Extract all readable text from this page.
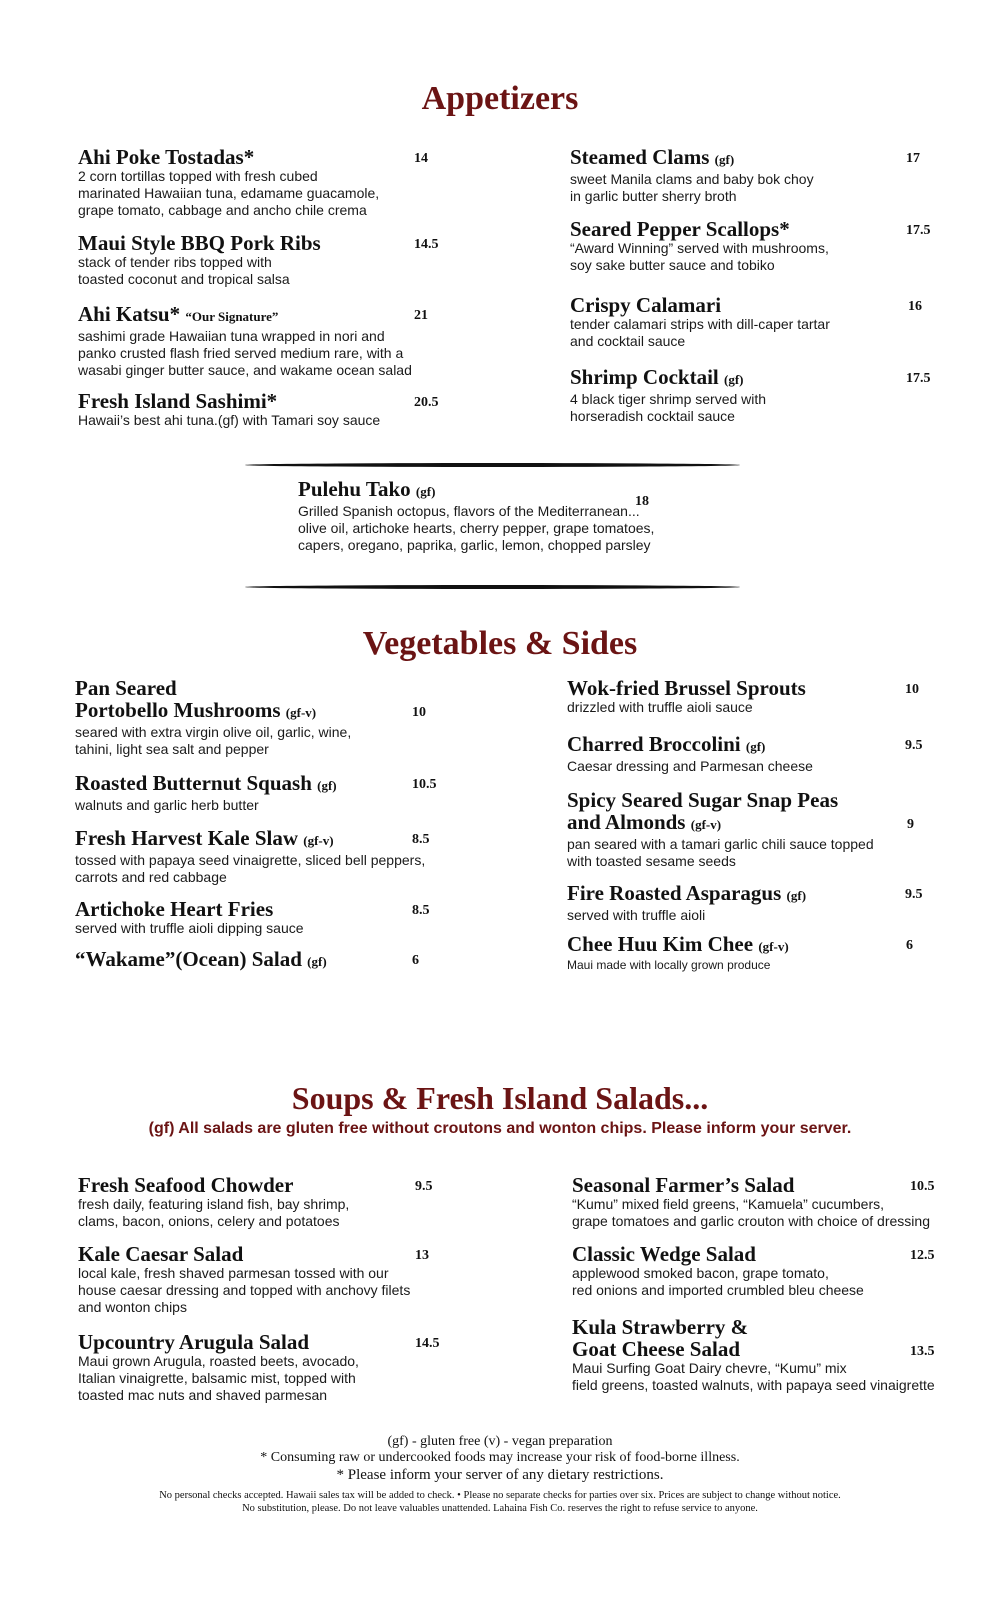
Appetizers
Ahi Poke Tostadas*
2 corn tortillas topped with fresh cubed
marinated Hawaiian tuna, edamame guacamole,
grape tomato, cabbage and ancho chile crema
14
Maui Style BBQ Pork Ribs
stack of tender ribs topped with
toasted coconut and tropical salsa
14.5
Ahi Katsu* “Our Signature”
sashimi grade Hawaiian tuna wrapped in nori and
panko crusted flash fried served medium rare, with a
wasabi ginger butter sauce, and wakame ocean salad
21
Fresh Island Sashimi*
Hawaii’s best ahi tuna.(gf) with Tamari soy sauce
20.5
Steamed Clams (gf)
sweet Manila clams and baby bok choy
in garlic butter sherry broth
17
Seared Pepper Scallops*
“Award Winning” served with mushrooms,
soy sake butter sauce and tobiko
17.5
Crispy Calamari
tender calamari strips with dill-caper tartar
and cocktail sauce
16
Shrimp Cocktail (gf)
4 black tiger shrimp served with
horseradish cocktail sauce
17.5
Pulehu Tako (gf)
Grilled Spanish octopus, flavors of the Mediterranean...
olive oil, artichoke hearts, cherry pepper, grape tomatoes,
capers, oregano, paprika, garlic, lemon, chopped parsley
18
Vegetables & Sides
Pan Seared
Portobello Mushrooms (gf-v)
seared with extra virgin olive oil, garlic, wine,
tahini, light sea salt and pepper
10
Roasted Butternut Squash (gf)
walnuts and garlic herb butter
10.5
Fresh Harvest Kale Slaw (gf-v)
tossed with papaya seed vinaigrette, sliced bell peppers,
carrots and red cabbage
8.5
Artichoke Heart Fries
served with truffle aioli dipping sauce
8.5
“Wakame”(Ocean) Salad (gf)	6
Wok-fried Brussel Sprouts
drizzled with truffle aioli sauce
10
Charred Broccolini (gf)
Caesar dressing and Parmesan cheese
9.5
Spicy Seared Sugar Snap Peas
and Almonds (gf-v)
pan seared with a tamari garlic chili sauce topped
with toasted sesame seeds
9
Fire Roasted Asparagus (gf)
served with truffle aioli
9.5
Chee Huu Kim Chee (gf-v)
Maui made with locally grown produce
6
Soups & Fresh Island Salads...
(gf) All salads are gluten free without croutons and wonton chips. Please inform your server.
Fresh Seafood Chowder
fresh daily, featuring island fish, bay shrimp,
clams, bacon, onions, celery and potatoes
9.5
Kale Caesar Salad
local kale, fresh shaved parmesan tossed with our
house caesar dressing and topped with anchovy filets
and wonton chips
13
Upcountry Arugula Salad
Maui grown Arugula, roasted beets, avocado,
Italian vinaigrette, balsamic mist, topped with
toasted mac nuts and shaved parmesan
14.5
Seasonal Farmer’s Salad
“Kumu” mixed field greens, “Kamuela” cucumbers,
grape tomatoes and garlic crouton with choice of dressing
10.5
Classic Wedge Salad
applewood smoked bacon, grape tomato,
red onions and imported crumbled bleu cheese
12.5
Kula Strawberry &
Goat Cheese Salad
Maui Surfing Goat Dairy chevre, “Kumu” mix
field greens, toasted walnuts, with papaya seed vinaigrette
13.5
(gf) - gluten free (v) - vegan preparation
* Consuming raw or undercooked foods may increase your risk of food-borne illness.
* Please inform your server of any dietary restrictions.
No personal checks accepted. Hawaii sales tax will be added to check. • Please no separate checks for parties over six. Prices are subject to change without notice.
No substitution, please. Do not leave valuables unattended. Lahaina Fish Co. reserves the right to refuse service to anyone.
